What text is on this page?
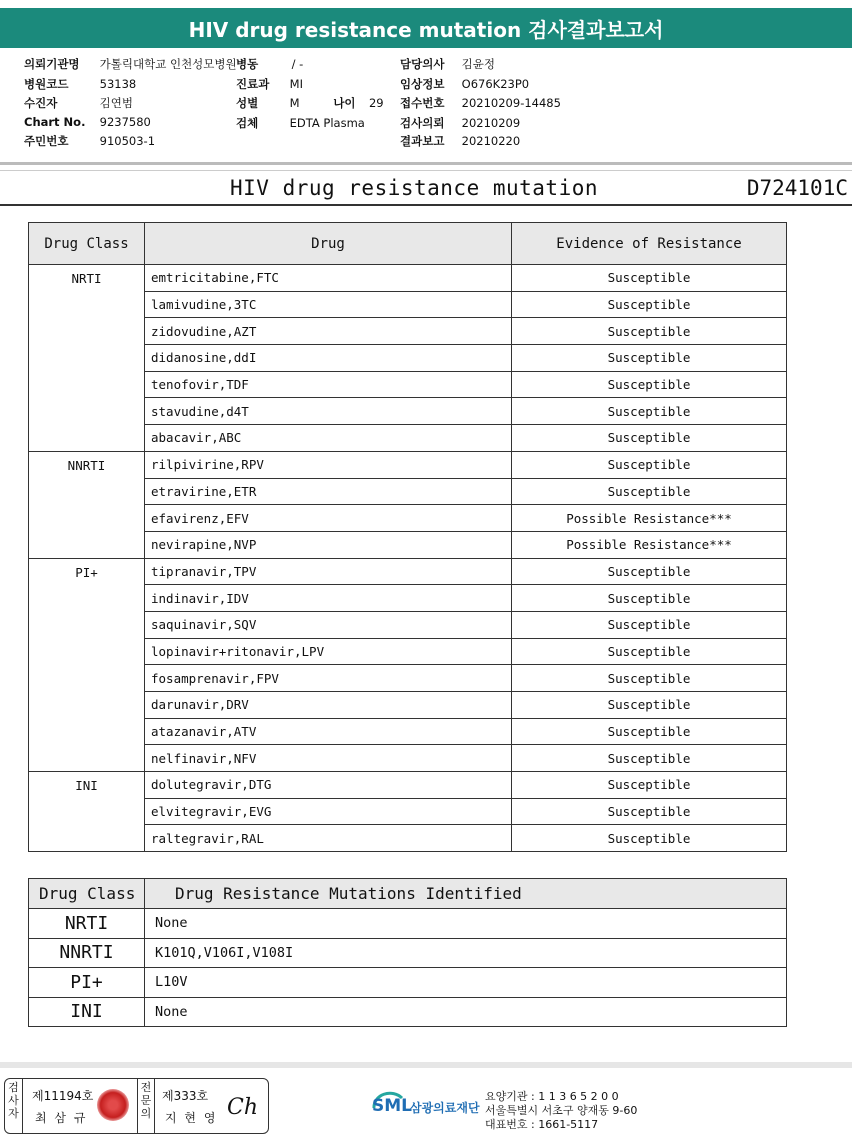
HIV drug resistance mutation 검사결과보고서
의뢰기관명 가톨릭대학교 인천성모병원
병원코드	53138
수진자	김연범
Chart No. 9237580
주민번호	910503-1
병동	/ -
진료과 MI
성별	M	나이 29
검체	EDTA Plasma
담당의사 김윤정
임상정보 O676K23P0
접수번호 20210209-14485
검사의뢰 20210209
결과보고 20210220
HIV drug resistance mutation	D724101C
Drug Class	Drug	Evidence of Resistance
NRTI	emtricitabine,FTC	Susceptible
	lamivudine,3TC	Susceptible
	zidovudine,AZT	Susceptible
	didanosine,ddI	Susceptible
	tenofovir,TDF	Susceptible
	stavudine,d4T	Susceptible
	abacavir,ABC	Susceptible
NNRTI	rilpivirine,RPV	Susceptible
	etravirine,ETR	Susceptible
	efavirenz,EFV	Possible Resistance***
	nevirapine,NVP	Possible Resistance***
PI+	tipranavir,TPV	Susceptible
	indinavir,IDV	Susceptible
	saquinavir,SQV	Susceptible
	lopinavir+ritonavir,LPV	Susceptible
	fosamprenavir,FPV	Susceptible
	darunavir,DRV	Susceptible
	atazanavir,ATV	Susceptible
	nelfinavir,NFV	Susceptible
INI	dolutegravir,DTG	Susceptible
	elvitegravir,EVG	Susceptible
	raltegravir,RAL	Susceptible
Drug Class	Drug Resistance Mutations Identified
NRTI	None
NNRTI	K101Q,V106I,V108I
PI+	L10V
INI	None
검사자
제11194호
최 삼 규
전문의
제333호
지 현 영 Ch	SML
삼광의료재단
요양기관 : 1 1 3 6 5 2 0 0
서울특별시 서초구 양재동 9-60
대표번호 : 1661-5117
